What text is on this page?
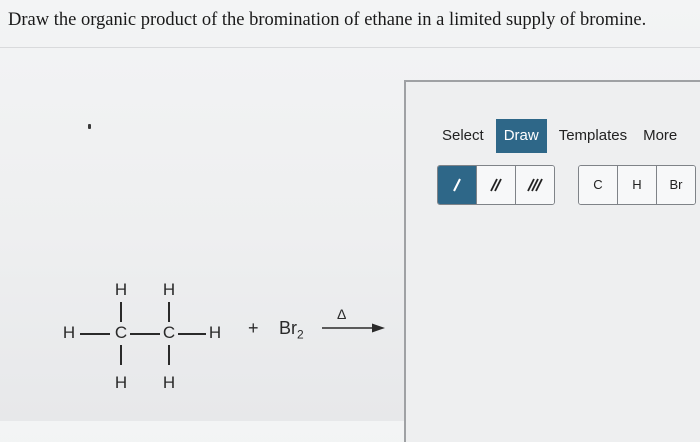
Draw the organic product of the bromination of ethane in a limited supply of bromine.

H H
H C C H
H H
+ $Br_2$
Δ
Select	Draw	Templates	More
C	H	Br
